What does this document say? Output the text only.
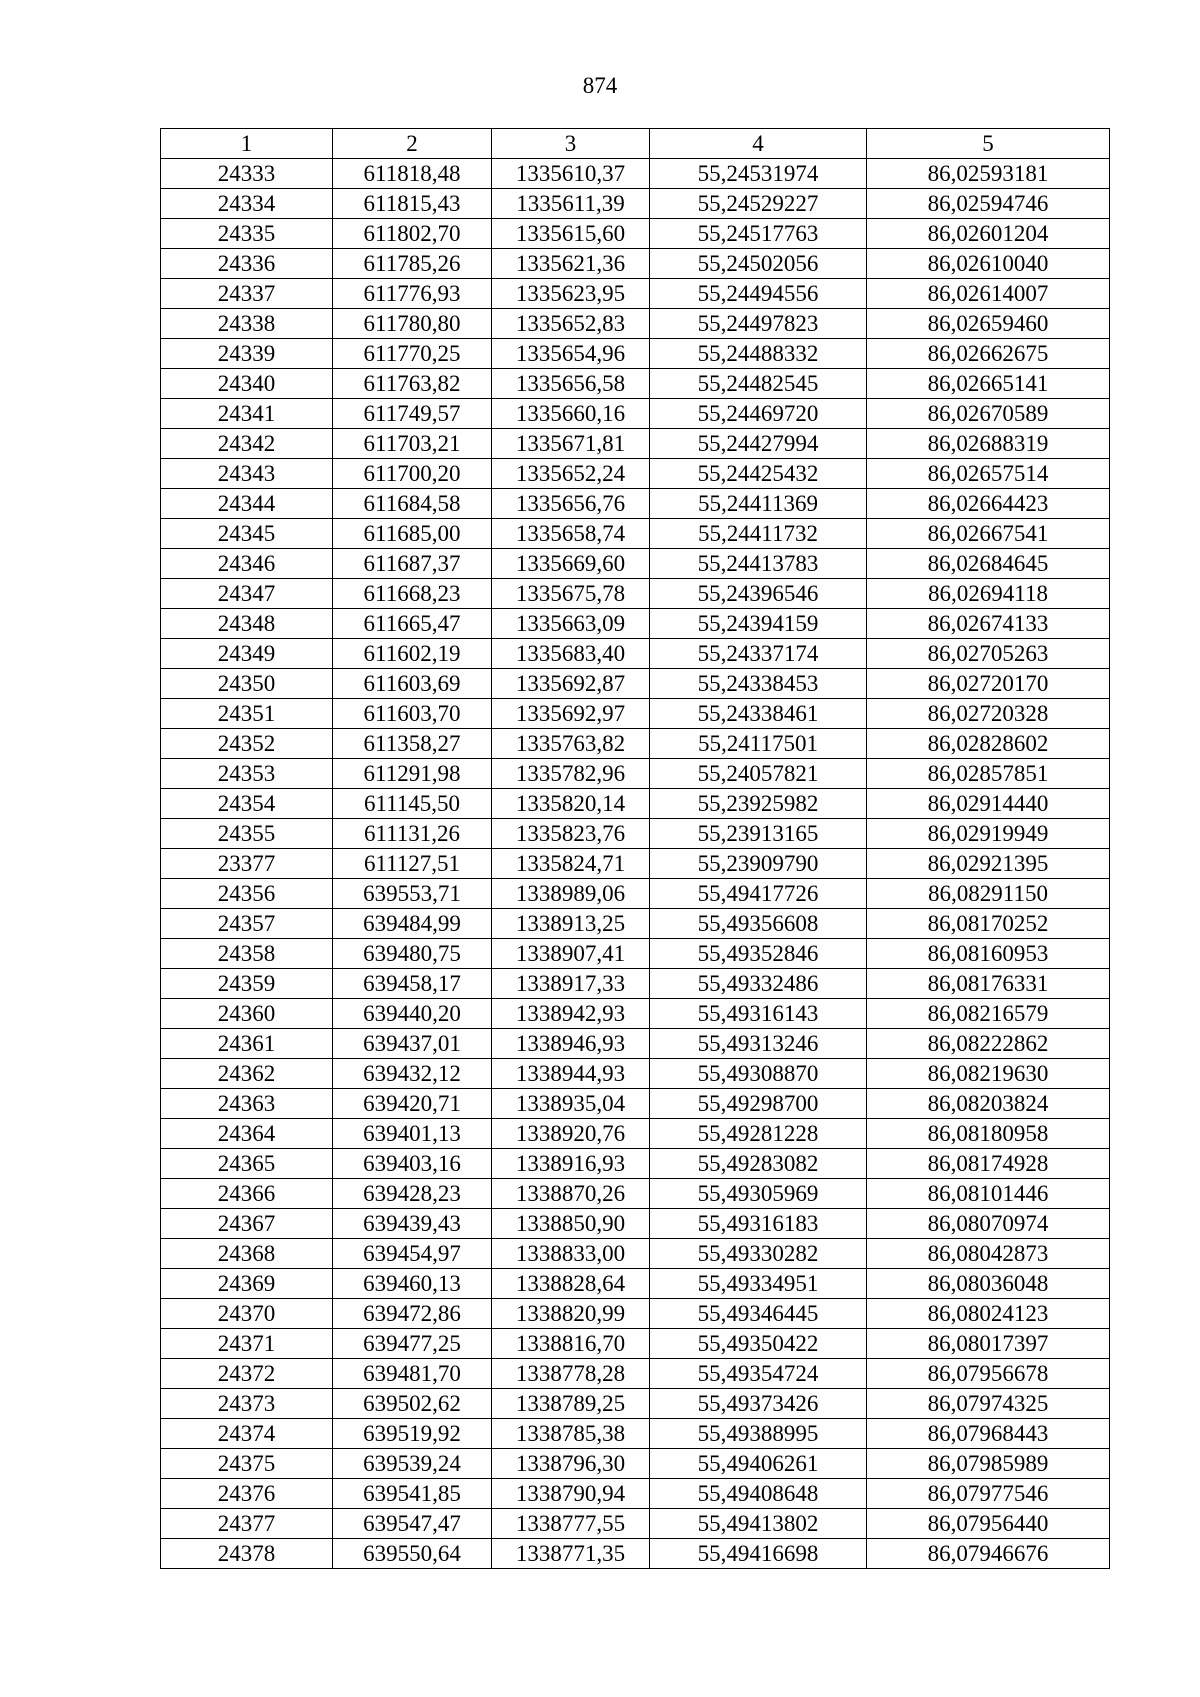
874
1	2	3	4	5
24333	611818,48	1335610,37	55,24531974	86,02593181
24334	611815,43	1335611,39	55,24529227	86,02594746
24335	611802,70	1335615,60	55,24517763	86,02601204
24336	611785,26	1335621,36	55,24502056	86,02610040
24337	611776,93	1335623,95	55,24494556	86,02614007
24338	611780,80	1335652,83	55,24497823	86,02659460
24339	611770,25	1335654,96	55,24488332	86,02662675
24340	611763,82	1335656,58	55,24482545	86,02665141
24341	611749,57	1335660,16	55,24469720	86,02670589
24342	611703,21	1335671,81	55,24427994	86,02688319
24343	611700,20	1335652,24	55,24425432	86,02657514
24344	611684,58	1335656,76	55,24411369	86,02664423
24345	611685,00	1335658,74	55,24411732	86,02667541
24346	611687,37	1335669,60	55,24413783	86,02684645
24347	611668,23	1335675,78	55,24396546	86,02694118
24348	611665,47	1335663,09	55,24394159	86,02674133
24349	611602,19	1335683,40	55,24337174	86,02705263
24350	611603,69	1335692,87	55,24338453	86,02720170
24351	611603,70	1335692,97	55,24338461	86,02720328
24352	611358,27	1335763,82	55,24117501	86,02828602
24353	611291,98	1335782,96	55,24057821	86,02857851
24354	611145,50	1335820,14	55,23925982	86,02914440
24355	611131,26	1335823,76	55,23913165	86,02919949
23377	611127,51	1335824,71	55,23909790	86,02921395
24356	639553,71	1338989,06	55,49417726	86,08291150
24357	639484,99	1338913,25	55,49356608	86,08170252
24358	639480,75	1338907,41	55,49352846	86,08160953
24359	639458,17	1338917,33	55,49332486	86,08176331
24360	639440,20	1338942,93	55,49316143	86,08216579
24361	639437,01	1338946,93	55,49313246	86,08222862
24362	639432,12	1338944,93	55,49308870	86,08219630
24363	639420,71	1338935,04	55,49298700	86,08203824
24364	639401,13	1338920,76	55,49281228	86,08180958
24365	639403,16	1338916,93	55,49283082	86,08174928
24366	639428,23	1338870,26	55,49305969	86,08101446
24367	639439,43	1338850,90	55,49316183	86,08070974
24368	639454,97	1338833,00	55,49330282	86,08042873
24369	639460,13	1338828,64	55,49334951	86,08036048
24370	639472,86	1338820,99	55,49346445	86,08024123
24371	639477,25	1338816,70	55,49350422	86,08017397
24372	639481,70	1338778,28	55,49354724	86,07956678
24373	639502,62	1338789,25	55,49373426	86,07974325
24374	639519,92	1338785,38	55,49388995	86,07968443
24375	639539,24	1338796,30	55,49406261	86,07985989
24376	639541,85	1338790,94	55,49408648	86,07977546
24377	639547,47	1338777,55	55,49413802	86,07956440
24378	639550,64	1338771,35	55,49416698	86,07946676
